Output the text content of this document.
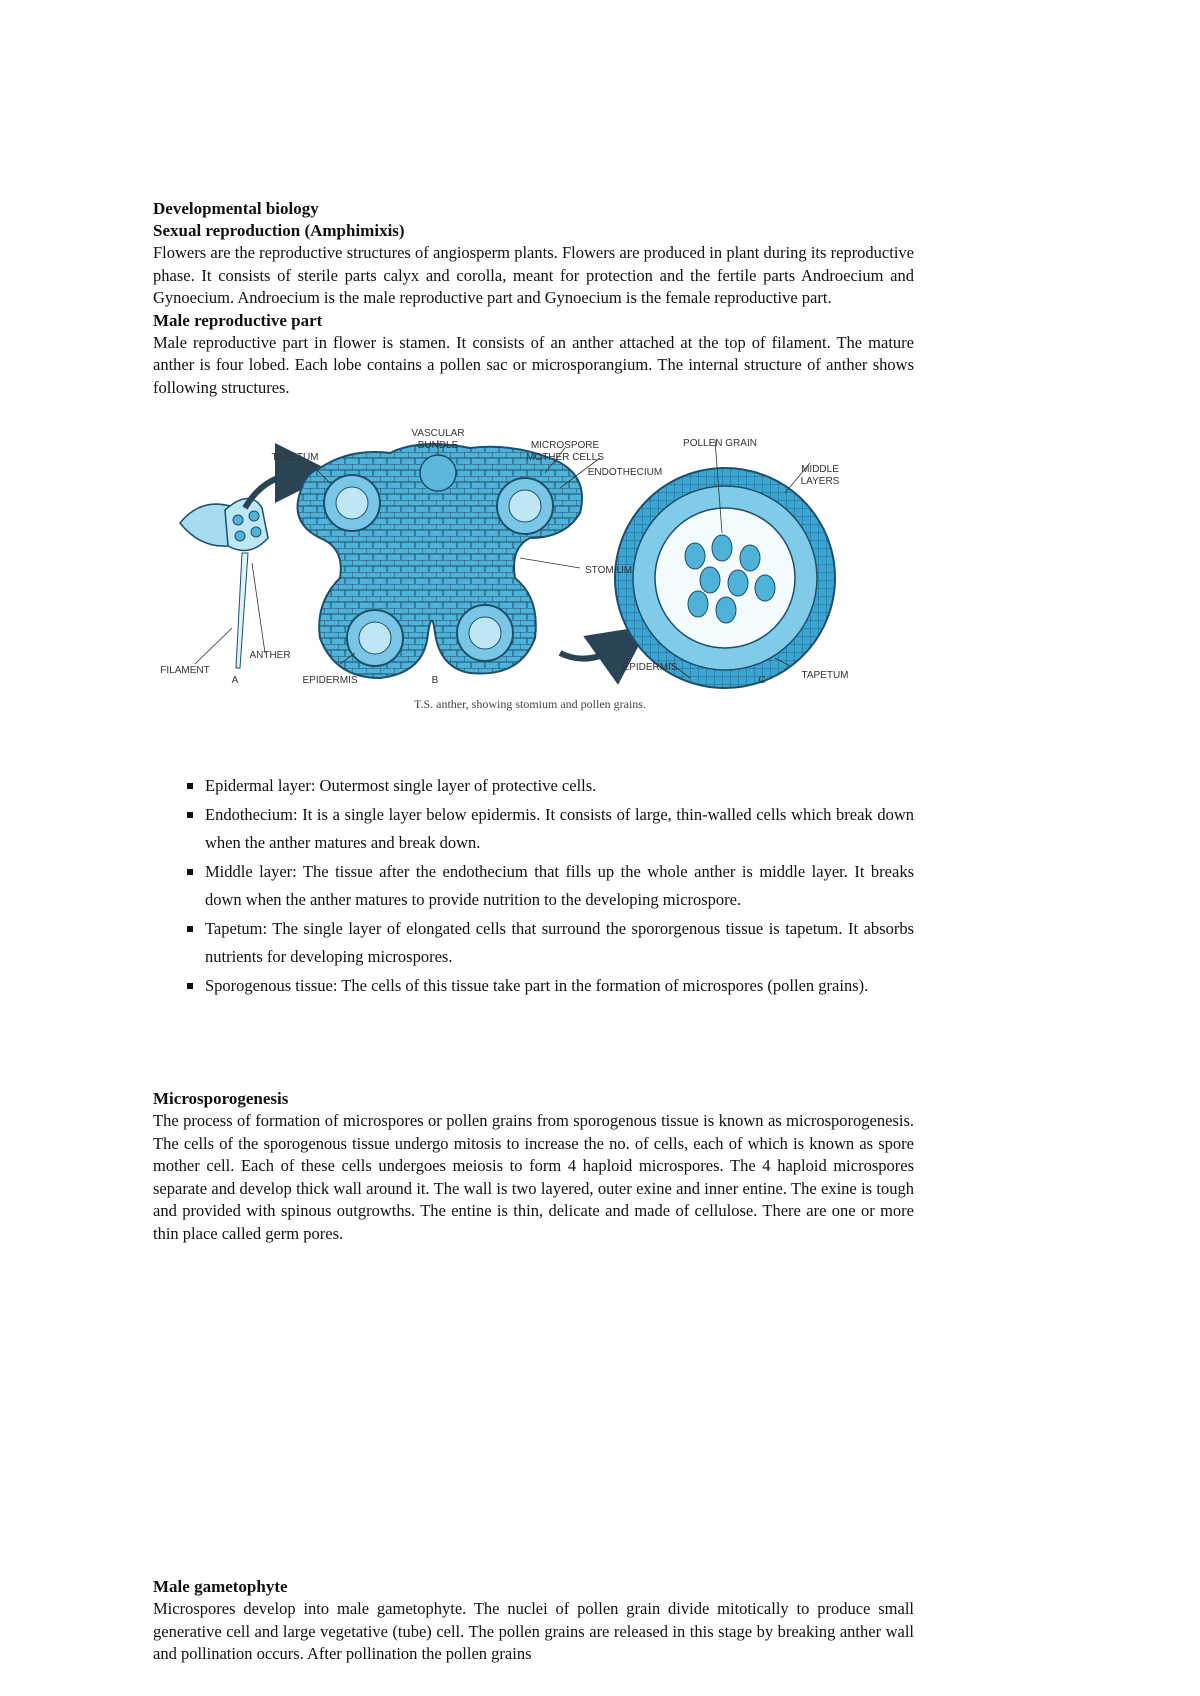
Developmental biology

Sexual reproduction (Amphimixis)

Flowers are the reproductive structures of angiosperm plants. Flowers are produced in plant during its reproductive phase. It consists of sterile parts calyx and corolla, meant for protection and the fertile parts Androecium and Gynoecium. Androecium is the male reproductive part and Gynoecium is the female reproductive part.

Male reproductive part

Male reproductive part in flower is stamen. It consists of an anther attached at the top of filament. The mature anther is four lobed. Each lobe contains a pollen sac or microsporangium. The internal structure of anther shows following structures.

VASCULAR
BUNDLE
TAPETUM
MICROSPORE
MOTHER CELLS
ENDOTHECIUM
POLLEN GRAIN
MIDDLE
LAYERS
STOMIUM
ANTHER
FILAMENT
A	EPIDERMIS	B
EPIDERMIS
C	TAPETUM
T.S. anther, showing stomium and pollen grains.
Epidermal layer: Outermost single layer of protective cells.
Endothecium: It is a single layer below epidermis. It consists of large, thin-walled cells which break down when the anther matures and break down.
Middle layer: The tissue after the endothecium that fills up the whole anther is middle layer. It breaks down when the anther matures to provide nutrition to the developing microspore.
Tapetum: The single layer of elongated cells that surround the spororgenous tissue is tapetum. It absorbs nutrients for developing microspores.
Sporogenous tissue: The cells of this tissue take part in the formation of microspores (pollen grains).

Microsporogenesis

The process of formation of microspores or pollen grains from sporogenous tissue is known as microsporogenesis. The cells of the sporogenous tissue undergo mitosis to increase the no. of cells, each of which is known as spore mother cell. Each of these cells undergoes meiosis to form 4 haploid microspores. The 4 haploid microspores separate and develop thick wall around it. The wall is two layered, outer exine and inner entine. The exine is tough and provided with spinous outgrowths. The entine is thin, delicate and made of cellulose. There are one or more thin place called germ pores.

Male gametophyte

Microspores develop into male gametophyte. The nuclei of pollen grain divide mitotically to produce small generative cell and large vegetative (tube) cell. The pollen grains are released in this stage by breaking anther wall and pollination occurs. After pollination the pollen grains
